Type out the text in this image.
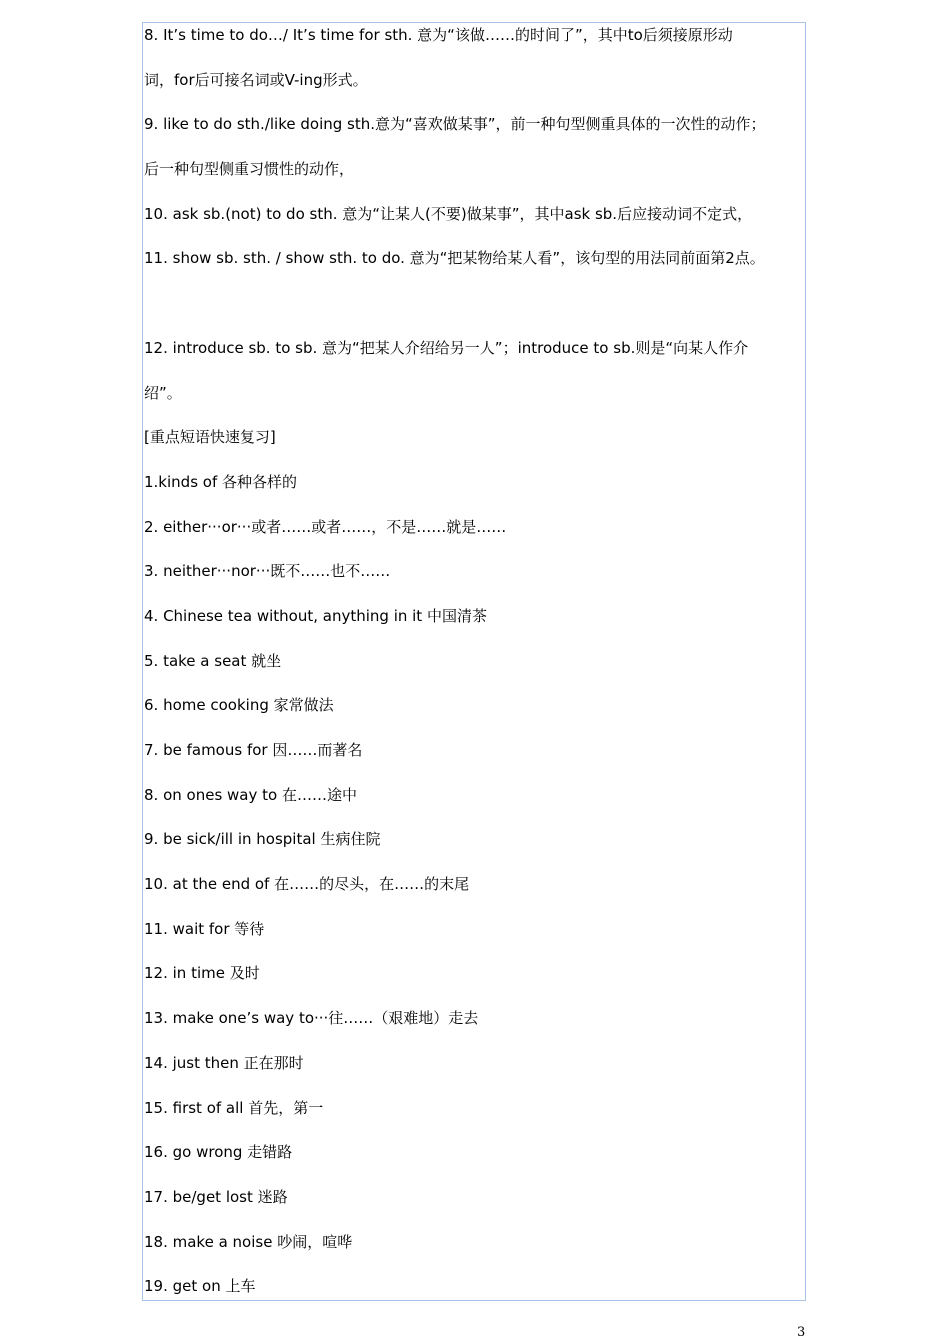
8. It’s time to do…/ It’s time for sth. 意为“该做……的时间了”，其中to后须接原形动
词，for后可接名词或V-ing形式。
9. like to do sth./like doing sth.意为“喜欢做某事”，前一种句型侧重具体的一次性的动作；
后一种句型侧重习惯性的动作，
10. ask sb.(not) to do sth. 意为“让某人(不要)做某事”，其中ask sb.后应接动词不定式，
11. show sb. sth. / show sth. to do. 意为“把某物给某人看”，该句型的用法同前面第2点。
12. introduce sb. to sb. 意为“把某人介绍给另一人”；introduce to sb.则是“向某人作介
绍”。
[重点短语快速复习]
1.kinds of 各种各样的
2. either···or···或者……或者……，不是……就是……
3. neither···nor···既不……也不……
4. Chinese tea without, anything in it 中国清茶
5. take a seat 就坐
6. home cooking 家常做法
7. be famous for 因……而著名
8. on ones way to 在……途中
9. be sick/ill in hospital 生病住院
10. at the end of 在……的尽头，在……的末尾
11. wait for 等待
12. in time 及时
13. make one’s way to···往……（艰难地）走去
14. just then 正在那时
15. first of all 首先，第一
16. go wrong 走错路
17. be/get lost 迷路
18. make a noise 吵闹，喧哗
19. get on 上车
3
